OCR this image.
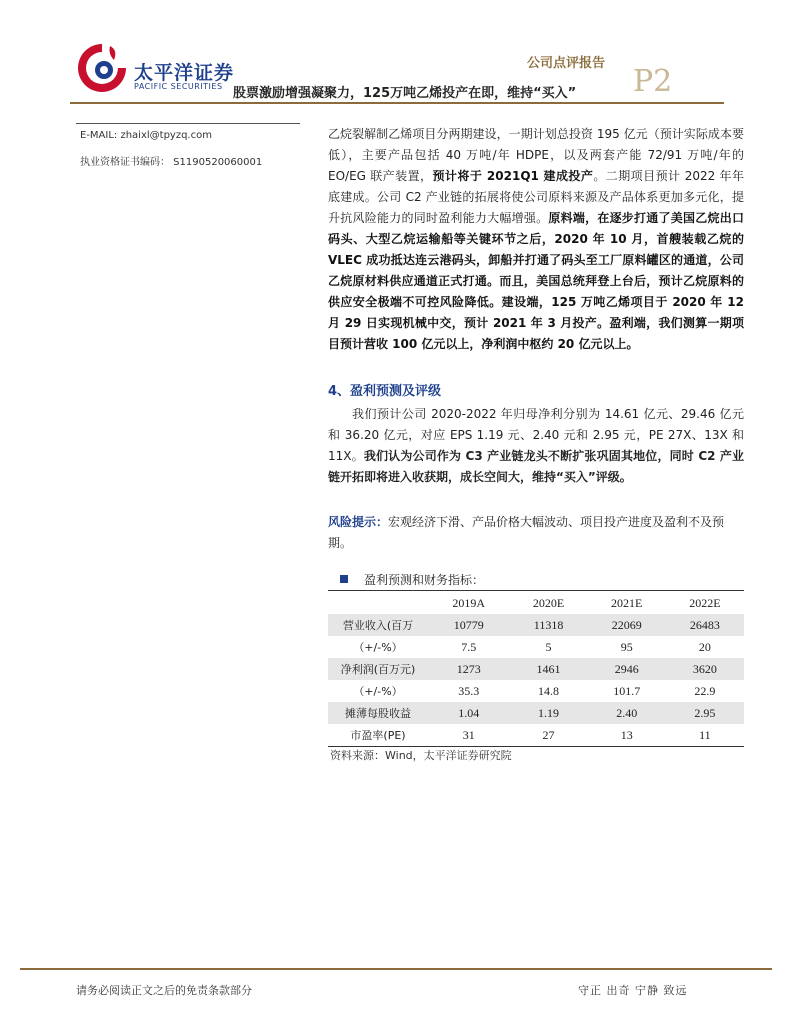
太平洋证券
PACIFIC SECURITIES
公司点评报告
P2
股票激励增强凝聚力，125万吨乙烯投产在即，维持“买入”
E-MAIL: zhaixl@tpyzq.com
执业资格证书编码： S1190520060001
乙烷裂解制乙烯项目分两期建设，一期计划总投资 195 亿元（预计实际成本要低），主要产品包括 40 万吨/年 HDPE，以及两套产能 72/91 万吨/年的 EO/EG 联产装置，预计将于 2021Q1 建成投产。二期项目预计 2022 年年底建成。公司 C2 产业链的拓展将使公司原料来源及产品体系更加多元化，提升抗风险能力的同时盈利能力大幅增强。原料端，在逐步打通了美国乙烷出口码头、大型乙烷运输船等关键环节之后，2020 年 10 月，首艘装载乙烷的 VLEC 成功抵达连云港码头，卸船并打通了码头至工厂原料罐区的通道，公司乙烷原材料供应通道正式打通。而且，美国总统拜登上台后，预计乙烷原料的供应安全极端不可控风险降低。建设端，125 万吨乙烯项目于 2020 年 12 月 29 日实现机械中交，预计 2021 年 3 月投产。盈利端，我们测算一期项目预计营收 100 亿元以上，净利润中枢约 20 亿元以上。
4、盈利预测及评级
我们预计公司 2020-2022 年归母净利分别为 14.61 亿元、29.46 亿元和 36.20 亿元，对应 EPS 1.19 元、2.40 元和 2.95 元，PE 27X、13X 和 11X。我们认为公司作为 C3 产业链龙头不断扩张巩固其地位，同时 C2 产业链开拓即将进入收获期，成长空间大，维持“买入”评级。
风险提示：宏观经济下滑、产品价格大幅波动、项目投产进度及盈利不及预期。
盈利预测和财务指标：
	2019A	2020E	2021E	2022E
营业收入(百万	10779	11318	22069	26483
（+/-%）	7.5	5	95	20
净利润(百万元)	1273	1461	2946	3620
（+/-%）	35.3	14.8	101.7	22.9
摊薄每股收益	1.04	1.19	2.40	2.95
市盈率(PE)	31	27	13	11
资料来源：Wind，太平洋证券研究院
请务必阅读正文之后的免责条款部分	守正 出奇 宁静 致远
